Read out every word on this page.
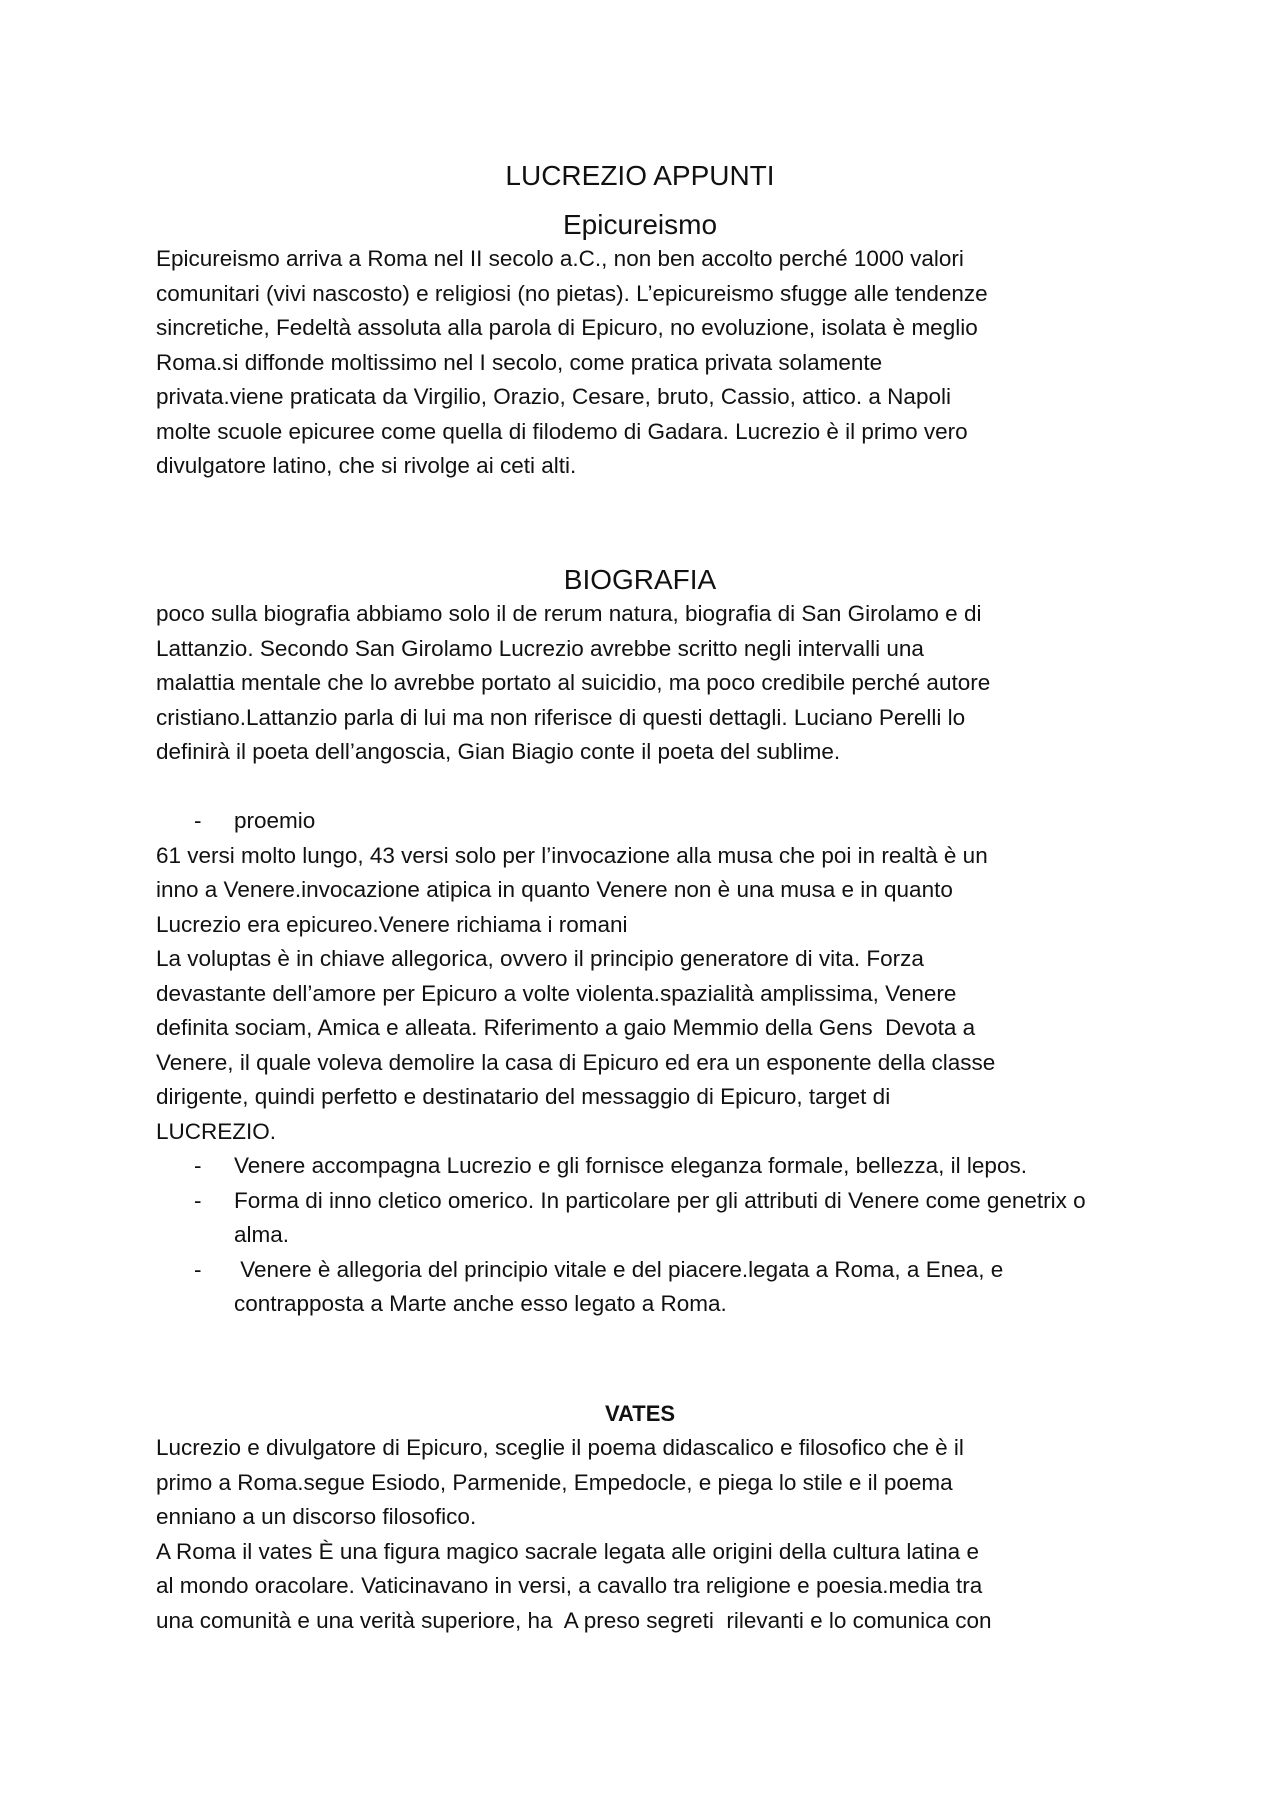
LUCREZIO APPUNTI
Epicureismo

Epicureismo arriva a Roma nel II secolo a.C., non ben accolto perché 1000 valori

comunitari (vivi nascosto) e religiosi (no pietas). L’epicureismo sfugge alle tendenze

sincretiche, Fedeltà assoluta alla parola di Epicuro, no evoluzione, isolata è meglio

Roma.si diffonde moltissimo nel I secolo, come pratica privata solamente

privata.viene praticata da Virgilio, Orazio, Cesare, bruto, Cassio, attico. a Napoli

molte scuole epicuree come quella di filodemo di Gadara. Lucrezio è il primo vero

divulgatore latino, che si rivolge ai ceti alti.

BIOGRAFIA

poco sulla biografia abbiamo solo il de rerum natura, biografia di San Girolamo e di

Lattanzio. Secondo San Girolamo Lucrezio avrebbe scritto negli intervalli una

malattia mentale che lo avrebbe portato al suicidio, ma poco credibile perché autore

cristiano.Lattanzio parla di lui ma non riferisce di questi dettagli. Luciano Perelli lo

definirà il poeta dell’angoscia, Gian Biagio conte il poeta del sublime.

- proemio

61 versi molto lungo, 43 versi solo per l’invocazione alla musa che poi in realtà è un

inno a Venere.invocazione atipica in quanto Venere non è una musa e in quanto

Lucrezio era epicureo.Venere richiama i romani

La voluptas è in chiave allegorica, ovvero il principio generatore di vita. Forza

devastante dell’amore per Epicuro a volte violenta.spazialità amplissima, Venere

definita sociam, Amica e alleata. Riferimento a gaio Memmio della Gens  Devota a

Venere, il quale voleva demolire la casa di Epicuro ed era un esponente della classe

dirigente, quindi perfetto e destinatario del messaggio di Epicuro, target di

LUCREZIO.

- Venere accompagna Lucrezio e gli fornisce eleganza formale, bellezza, il lepos.
- Forma di inno cletico omerico. In particolare per gli attributi di Venere come genetrix o alma.
- Venere è allegoria del principio vitale e del piacere.legata a Roma, a Enea, e contrapposta a Marte anche esso legato a Roma.
VATES

Lucrezio e divulgatore di Epicuro, sceglie il poema didascalico e filosofico che è il

primo a Roma.segue Esiodo, Parmenide, Empedocle, e piega lo stile e il poema

enniano a un discorso filosofico.

A Roma il vates È una figura magico sacrale legata alle origini della cultura latina e

al mondo oracolare. Vaticinavano in versi, a cavallo tra religione e poesia.media tra

una comunità e una verità superiore, ha  A preso segreti  rilevanti e lo comunica con
